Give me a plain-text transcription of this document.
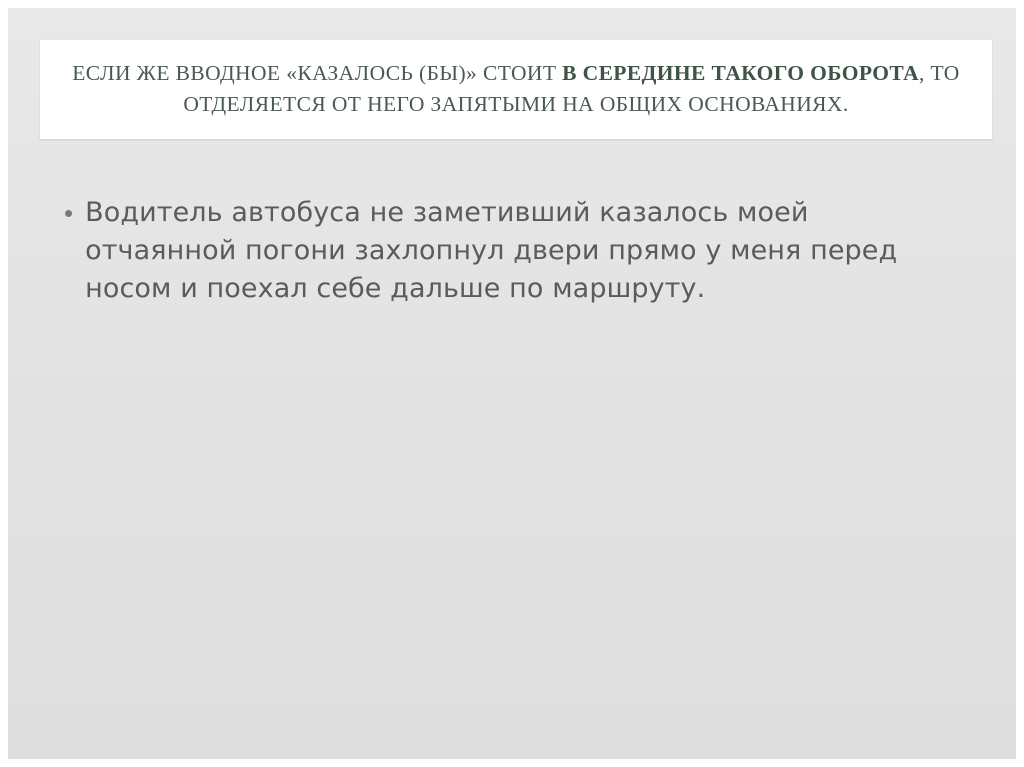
ЕСЛИ ЖЕ ВВОДНОЕ «КАЗАЛОСЬ (БЫ)» СТОИТ В СЕРЕДИНЕ ТАКОГО ОБОРОТА, ТО ОТДЕЛЯЕТСЯ ОТ НЕГО ЗАПЯТЫМИ НА ОБЩИХ ОСНОВАНИЯХ.

• Водитель автобуса не заметивший казалось моей отчаянной погони захлопнул двери прямо у меня перед носом и поехал себе дальше по маршруту.
